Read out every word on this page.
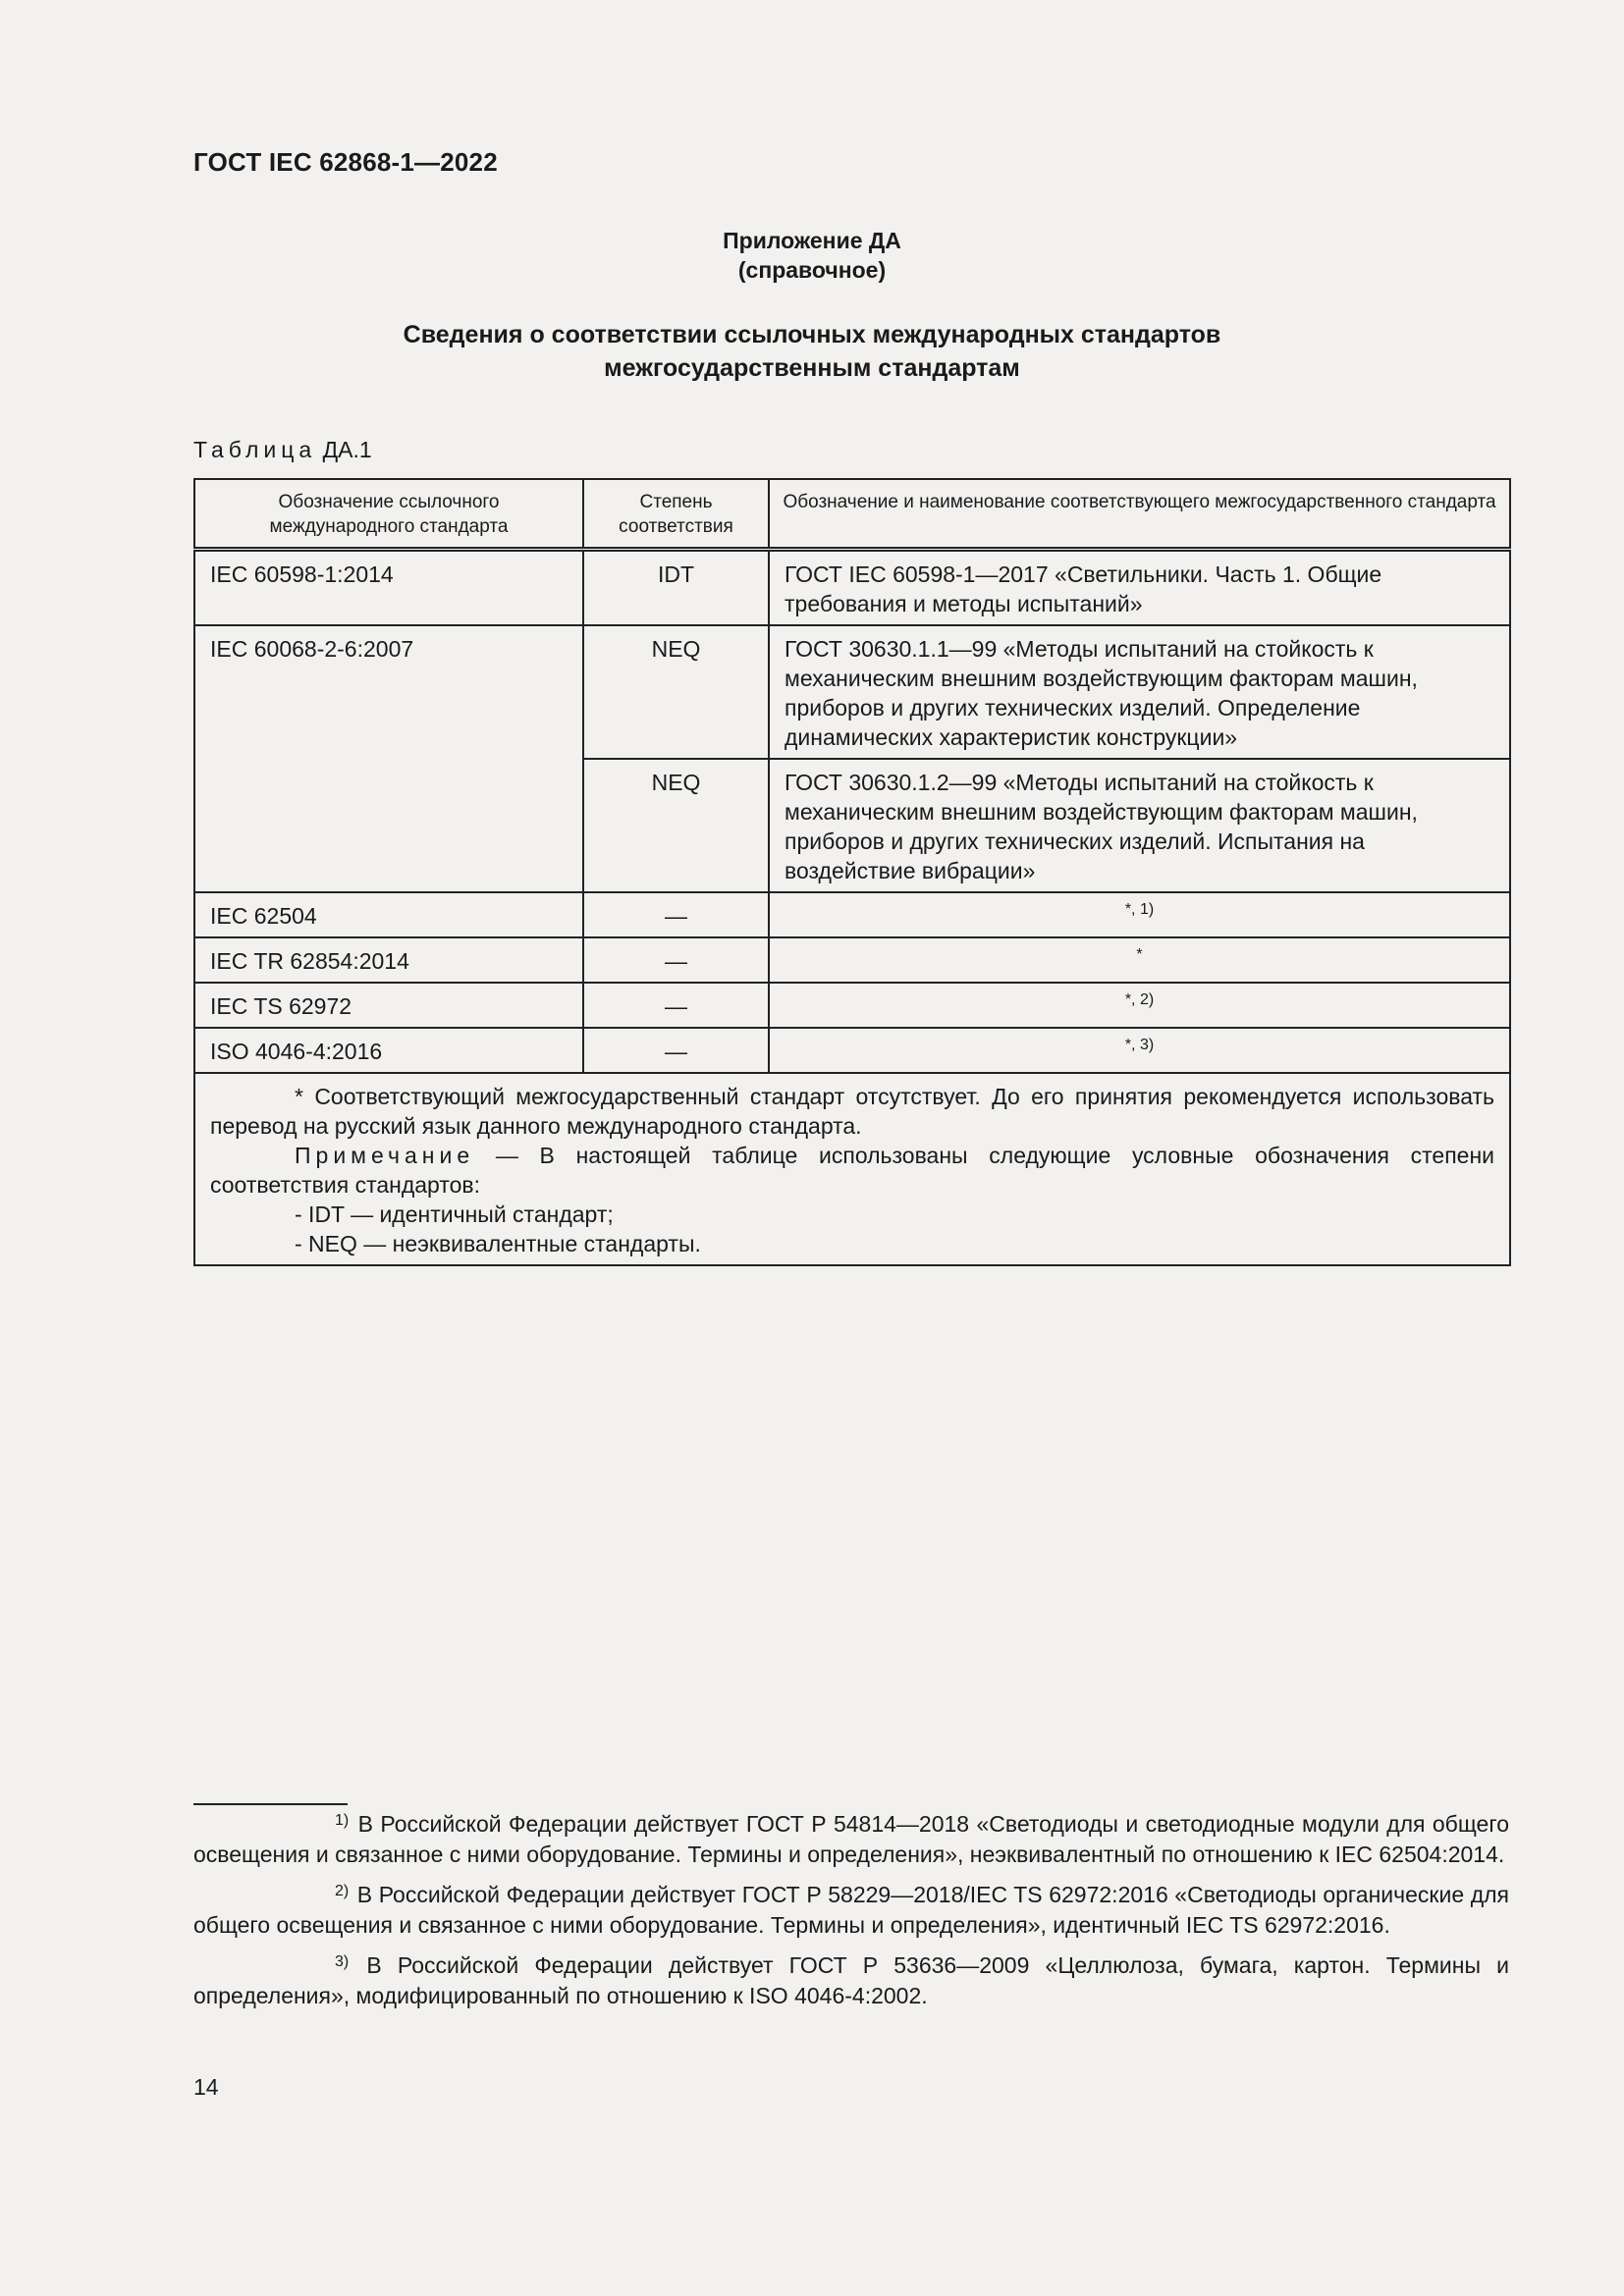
ГОСТ IEC 62868-1—2022
Приложение ДА
(справочное)
Сведения о соответствии ссылочных международных стандартов
межгосударственным стандартам
Таблица ДА.1
Обозначение ссылочного международного стандарта	Степень соответствия	Обозначение и наименование соответствующего межгосударственного стандарта
IEC 60598-1:2014	IDT	ГОСТ IEC 60598-1—2017 «Светильники. Часть 1. Общие требования и методы испытаний»
IEC 60068-2-6:2007	NEQ	ГОСТ 30630.1.1—99 «Методы испытаний на стойкость к механическим внешним воздействующим факторам машин, приборов и других технических изделий. Определение динамических характеристик конструкции»
	NEQ	ГОСТ 30630.1.2—99 «Методы испытаний на стойкость к механическим внешним воздействующим факторам машин, приборов и других технических изделий. Испытания на воздействие вибрации»
IEC 62504	—	*, 1)
IEC TR 62854:2014	—	*
IEC TS 62972	—	*, 2)
ISO 4046-4:2016	—	*, 3)

* Соответствующий межгосударственный стандарт отсутствует. До его принятия рекомендуется использовать перевод на русский язык данного международного стандарта.
Примечание — В настоящей таблице использованы следующие условные обозначения степени соответствия стандартов:
- IDT — идентичный стандарт;
- NEQ — неэквивалентные стандарты.		

1) В Российской Федерации действует ГОСТ Р 54814—2018 «Светодиоды и светодиодные модули для общего освещения и связанное с ними оборудование. Термины и определения», неэквивалентный по отношению к IEC 62504:2014.

2) В Российской Федерации действует ГОСТ Р 58229—2018/IEC TS 62972:2016 «Светодиоды органические для общего освещения и связанное с ними оборудование. Термины и определения», идентичный IEC TS 62972:2016.

3) В Российской Федерации действует ГОСТ Р 53636—2009 «Целлюлоза, бумага, картон. Термины и определения», модифицированный по отношению к ISO 4046-4:2002.

14
